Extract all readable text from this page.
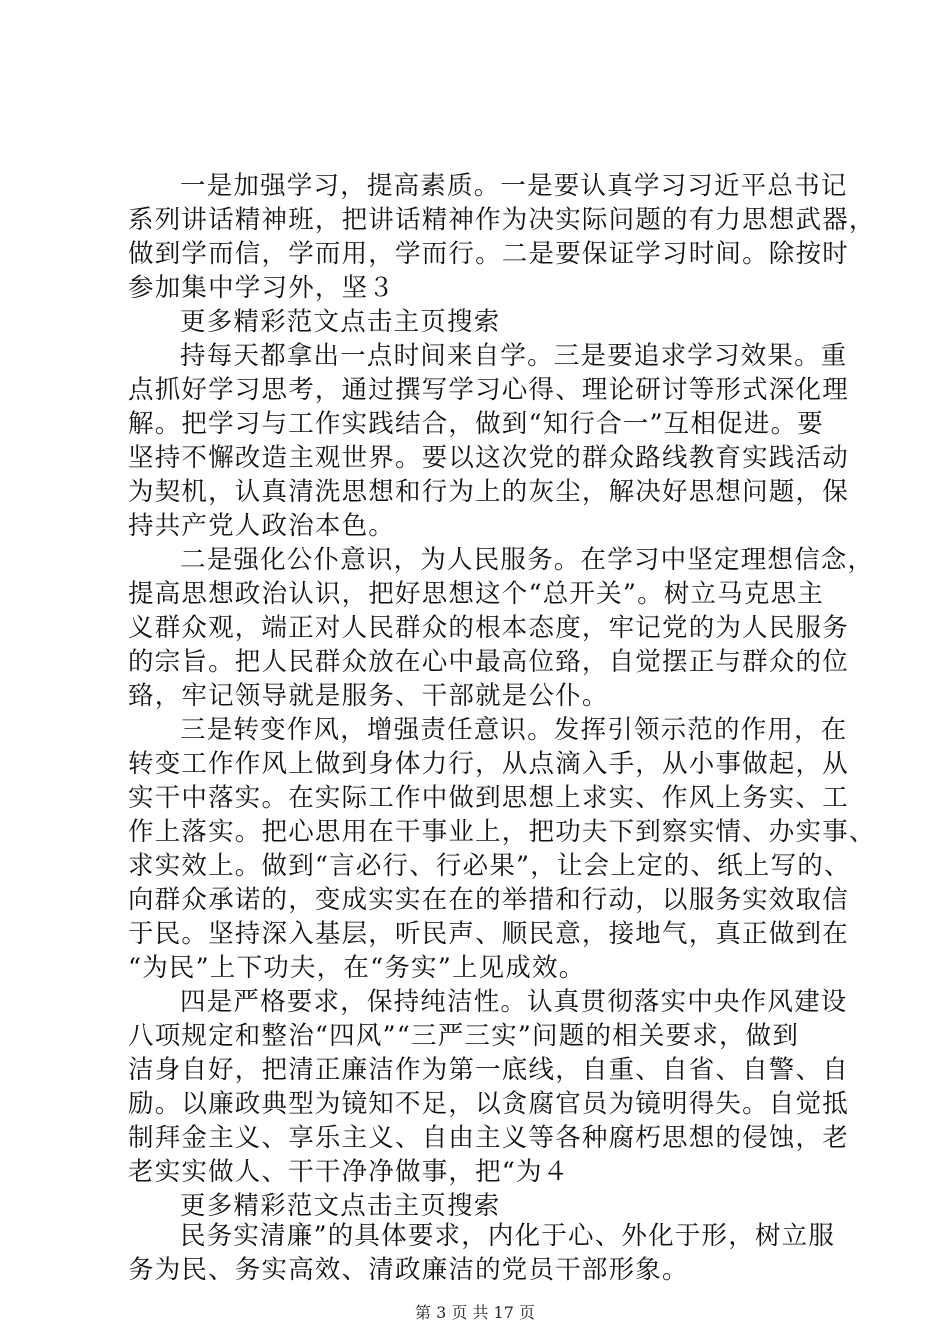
一是加强学习，提高素质。一是要认真学习习近平总书记
系列讲话精神班，把讲话精神作为决实际问题的有力思想武器，
做到学而信，学而用，学而行。二是要保证学习时间。除按时
参加集中学习外，坚３
更多精彩范文点击主页搜索
持每天都拿出一点时间来自学。三是要追求学习效果。重
点抓好学习思考，通过撰写学习心得、理论研讨等形式深化理
解。把学习与工作实践结合，做到“知行合一”互相促进。要
坚持不懈改造主观世界。要以这次党的群众路线教育实践活动
为契机，认真清洗思想和行为上的灰尘，解决好思想问题，保
持共产党人政治本色。
二是强化公仆意识，为人民服务。在学习中坚定理想信念，
提高思想政治认识，把好思想这个“总开关”。树立马克思主
义群众观，端正对人民群众的根本态度，牢记党的为人民服务
的宗旨。把人民群众放在心中最高位臵，自觉摆正与群众的位
臵，牢记领导就是服务、干部就是公仆。
三是转变作风，增强责任意识。发挥引领示范的作用，在
转变工作作风上做到身体力行，从点滴入手，从小事做起，从
实干中落实。在实际工作中做到思想上求实、作风上务实、工
作上落实。把心思用在干事业上，把功夫下到察实情、办实事、
求实效上。做到“言必行、行必果”，让会上定的、纸上写的、
向群众承诺的，变成实实在在的举措和行动，以服务实效取信
于民。坚持深入基层，听民声、顺民意，接地气，真正做到在
“为民”上下功夫，在“务实”上见成效。
四是严格要求，保持纯洁性。认真贯彻落实中央作风建设
八项规定和整治“四风”“三严三实”问题的相关要求，做到
洁身自好，把清正廉洁作为第一底线，自重、自省、自警、自
励。以廉政典型为镜知不足，以贪腐官员为镜明得失。自觉抵
制拜金主义、享乐主义、自由主义等各种腐朽思想的侵蚀，老
老实实做人、干干净净做事，把“为４
更多精彩范文点击主页搜索
民务实清廉”的具体要求，内化于心、外化于形，树立服
务为民、务实高效、清政廉洁的党员干部形象。
第 3 页 共 17 页
